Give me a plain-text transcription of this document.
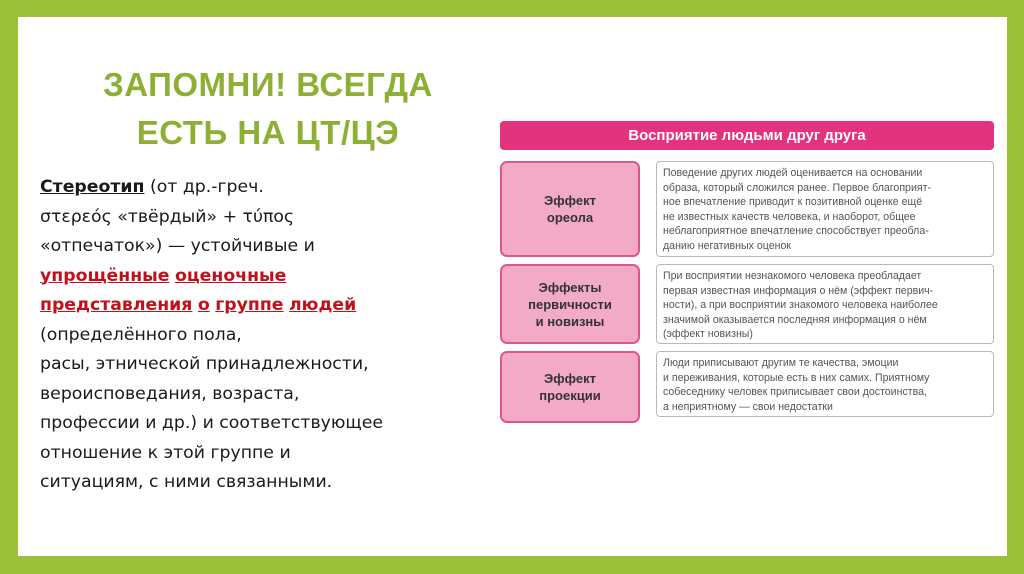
ЗАПОМНИ! ВСЕГДА
ЕСТЬ НА ЦТ/ЦЭ
Стереотип (от др.-греч.
στερεός «твёрдый» + τύπος
«отпечаток») — устойчивые и
упрощённые оценочные
представления о группе людей
(определённого пола,
расы, этнической принадлежности,
вероисповедания, возраста,
профессии и др.) и соответствующее
отношение к этой группе и
ситуациям, с ними связанными.
Восприятие людьми друг друга
Эффект
ореола
Поведение других людей оценивается на основании
образа, который сложился ранее. Первое благоприят-
ное впечатление приводит к позитивной оценке ещё
не известных качеств человека, и наоборот, общее
неблагоприятное впечатление способствует преобла-
данию негативных оценок
Эффекты
первичности
и новизны
При восприятии незнакомого человека преобладает
первая известная информация о нём (эффект первич-
ности), а при восприятии знакомого человека наиболее
значимой оказывается последняя информация о нём
(эффект новизны)
Эффект
проекции
Люди приписывают другим те качества, эмоции
и переживания, которые есть в них самих. Приятному
собеседнику человек приписывает свои достоинства,
а неприятному — свои недостатки
